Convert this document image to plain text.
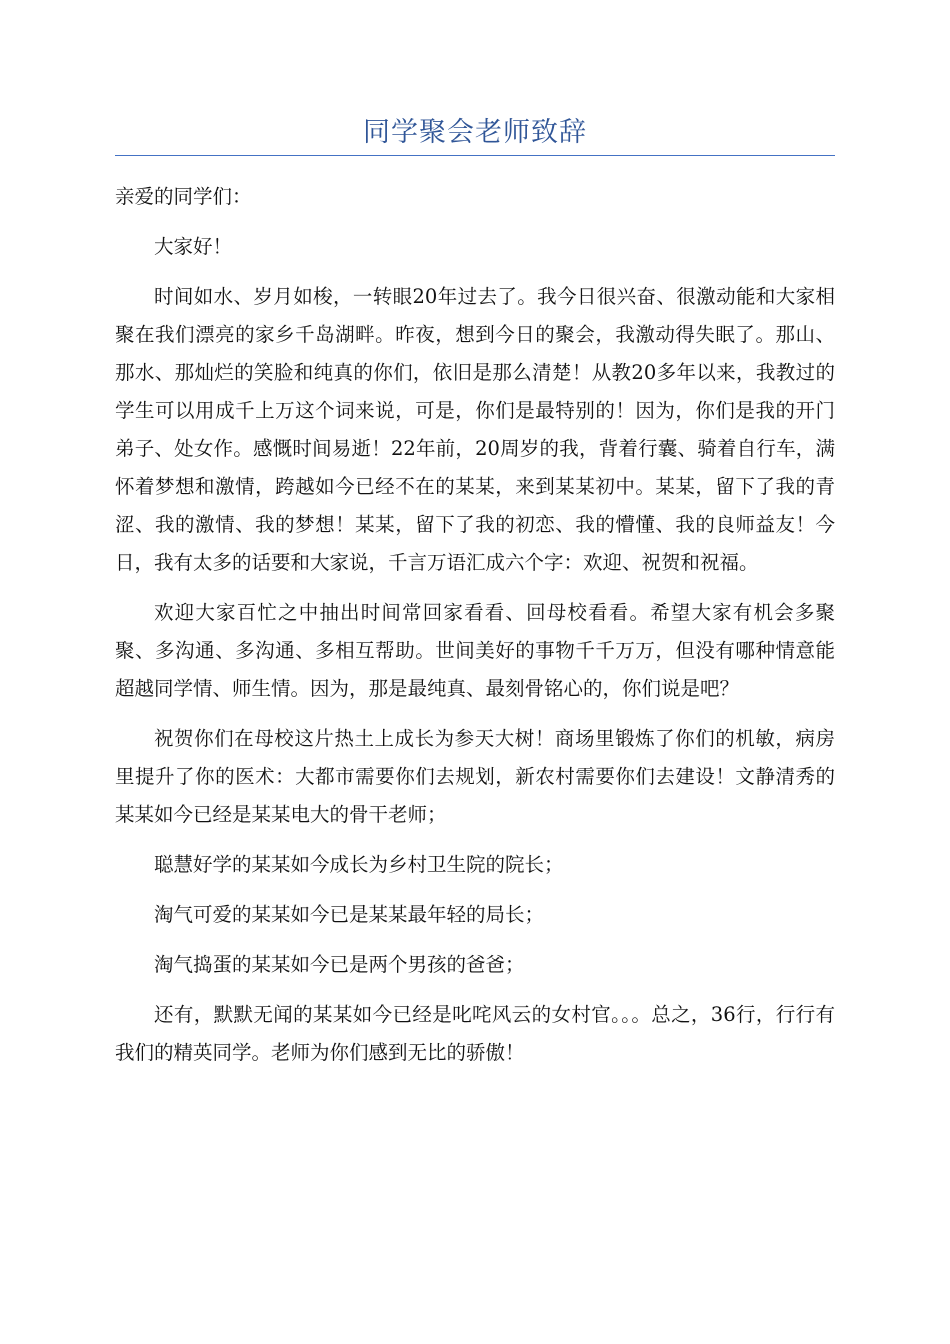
同学聚会老师致辞

亲爱的同学们：

大家好！

时间如水、岁月如梭，一转眼20年过去了。我今日很兴奋、很激动能和大家相聚在我们漂亮的家乡千岛湖畔。昨夜，想到今日的聚会，我激动得失眠了。那山、那水、那灿烂的笑脸和纯真的你们，依旧是那么清楚！从教20多年以来，我教过的学生可以用成千上万这个词来说，可是，你们是最特别的！因为，你们是我的开门弟子、处女作。感慨时间易逝！22年前，20周岁的我，背着行囊、骑着自行车，满怀着梦想和激情，跨越如今已经不在的某某，来到某某初中。某某，留下了我的青涩、我的激情、我的梦想！某某，留下了我的初恋、我的懵懂、我的良师益友！今日，我有太多的话要和大家说，千言万语汇成六个字：欢迎、祝贺和祝福。

欢迎大家百忙之中抽出时间常回家看看、回母校看看。希望大家有机会多聚聚、多沟通、多沟通、多相互帮助。世间美好的事物千千万万，但没有哪种情意能超越同学情、师生情。因为，那是最纯真、最刻骨铭心的，你们说是吧？

祝贺你们在母校这片热土上成长为参天大树！商场里锻炼了你们的机敏，病房里提升了你的医术：大都市需要你们去规划，新农村需要你们去建设！文静清秀的某某如今已经是某某电大的骨干老师；

聪慧好学的某某如今成长为乡村卫生院的院长；

淘气可爱的某某如今已是某某最年轻的局长；

淘气捣蛋的某某如今已是两个男孩的爸爸；

还有，默默无闻的某某如今已经是叱咤风云的女村官。。。总之，36行，行行有我们的精英同学。老师为你们感到无比的骄傲！
